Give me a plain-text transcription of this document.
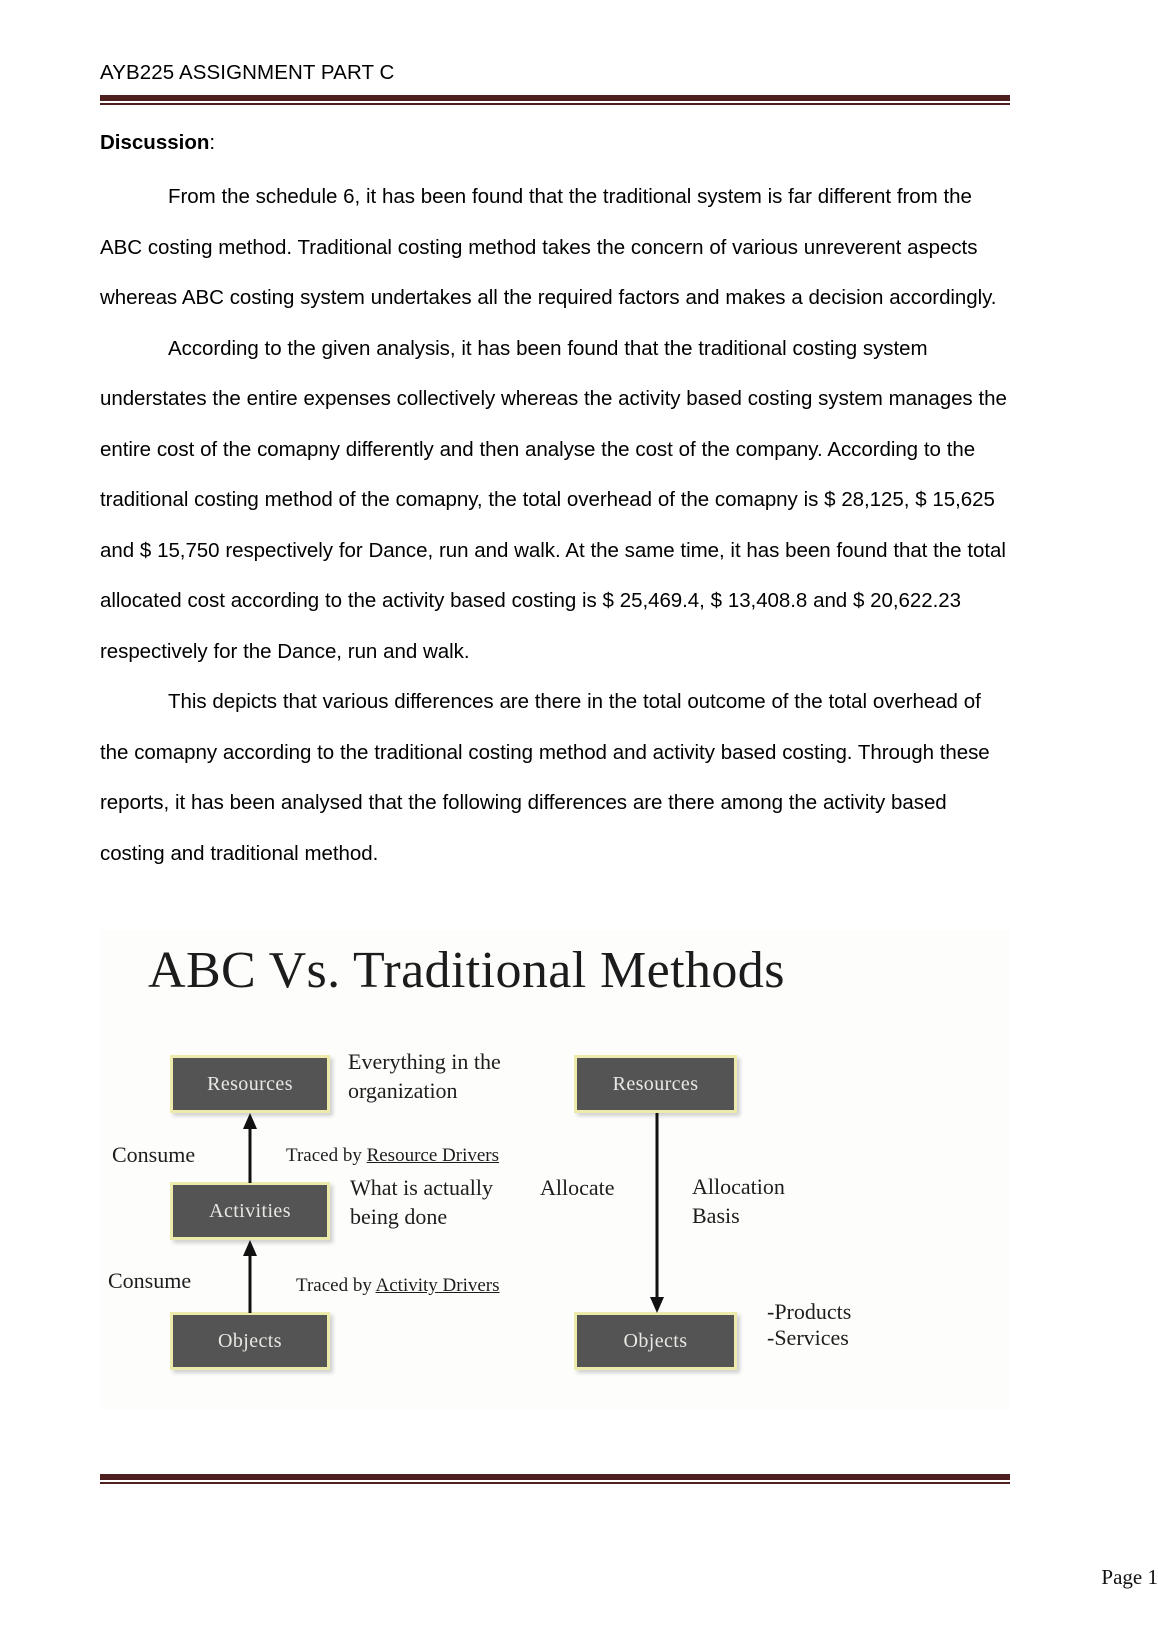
AYB225 ASSIGNMENT PART C
Discussion:

From the schedule 6, it has been found that the traditional system is far different from the ABC costing method. Traditional costing method takes the concern of various unreverent aspects whereas ABC costing system undertakes all the required factors and makes a decision accordingly.

According to the given analysis, it has been found that the traditional costing system understates the entire expenses collectively whereas the activity based costing system manages the entire cost of the comapny differently and then analyse the cost of the company. According to the traditional costing method of the comapny, the total overhead of the comapny is $ 28,125, $ 15,625 and $ 15,750 respectively for Dance, run and walk. At the same time, it has been found that the total allocated cost according to the activity based costing is $ 25,469.4, $ 13,408.8 and $ 20,622.23 respectively for the Dance, run and walk.

This depicts that various differences are there in the total outcome of the total overhead of the comapny according to the traditional costing method and activity based costing. Through these reports, it has been analysed that the following differences are there among the activity based costing and traditional method.

ABC Vs. Traditional Methods
Resources
Activities
Objects
Consume
Consume
Everything in the organization
What is actually being done
Traced by Resource Drivers
Traced by Activity Drivers
Resources
Objects
Allocate	Allocation Basis
-Products
-Services
Page 1
